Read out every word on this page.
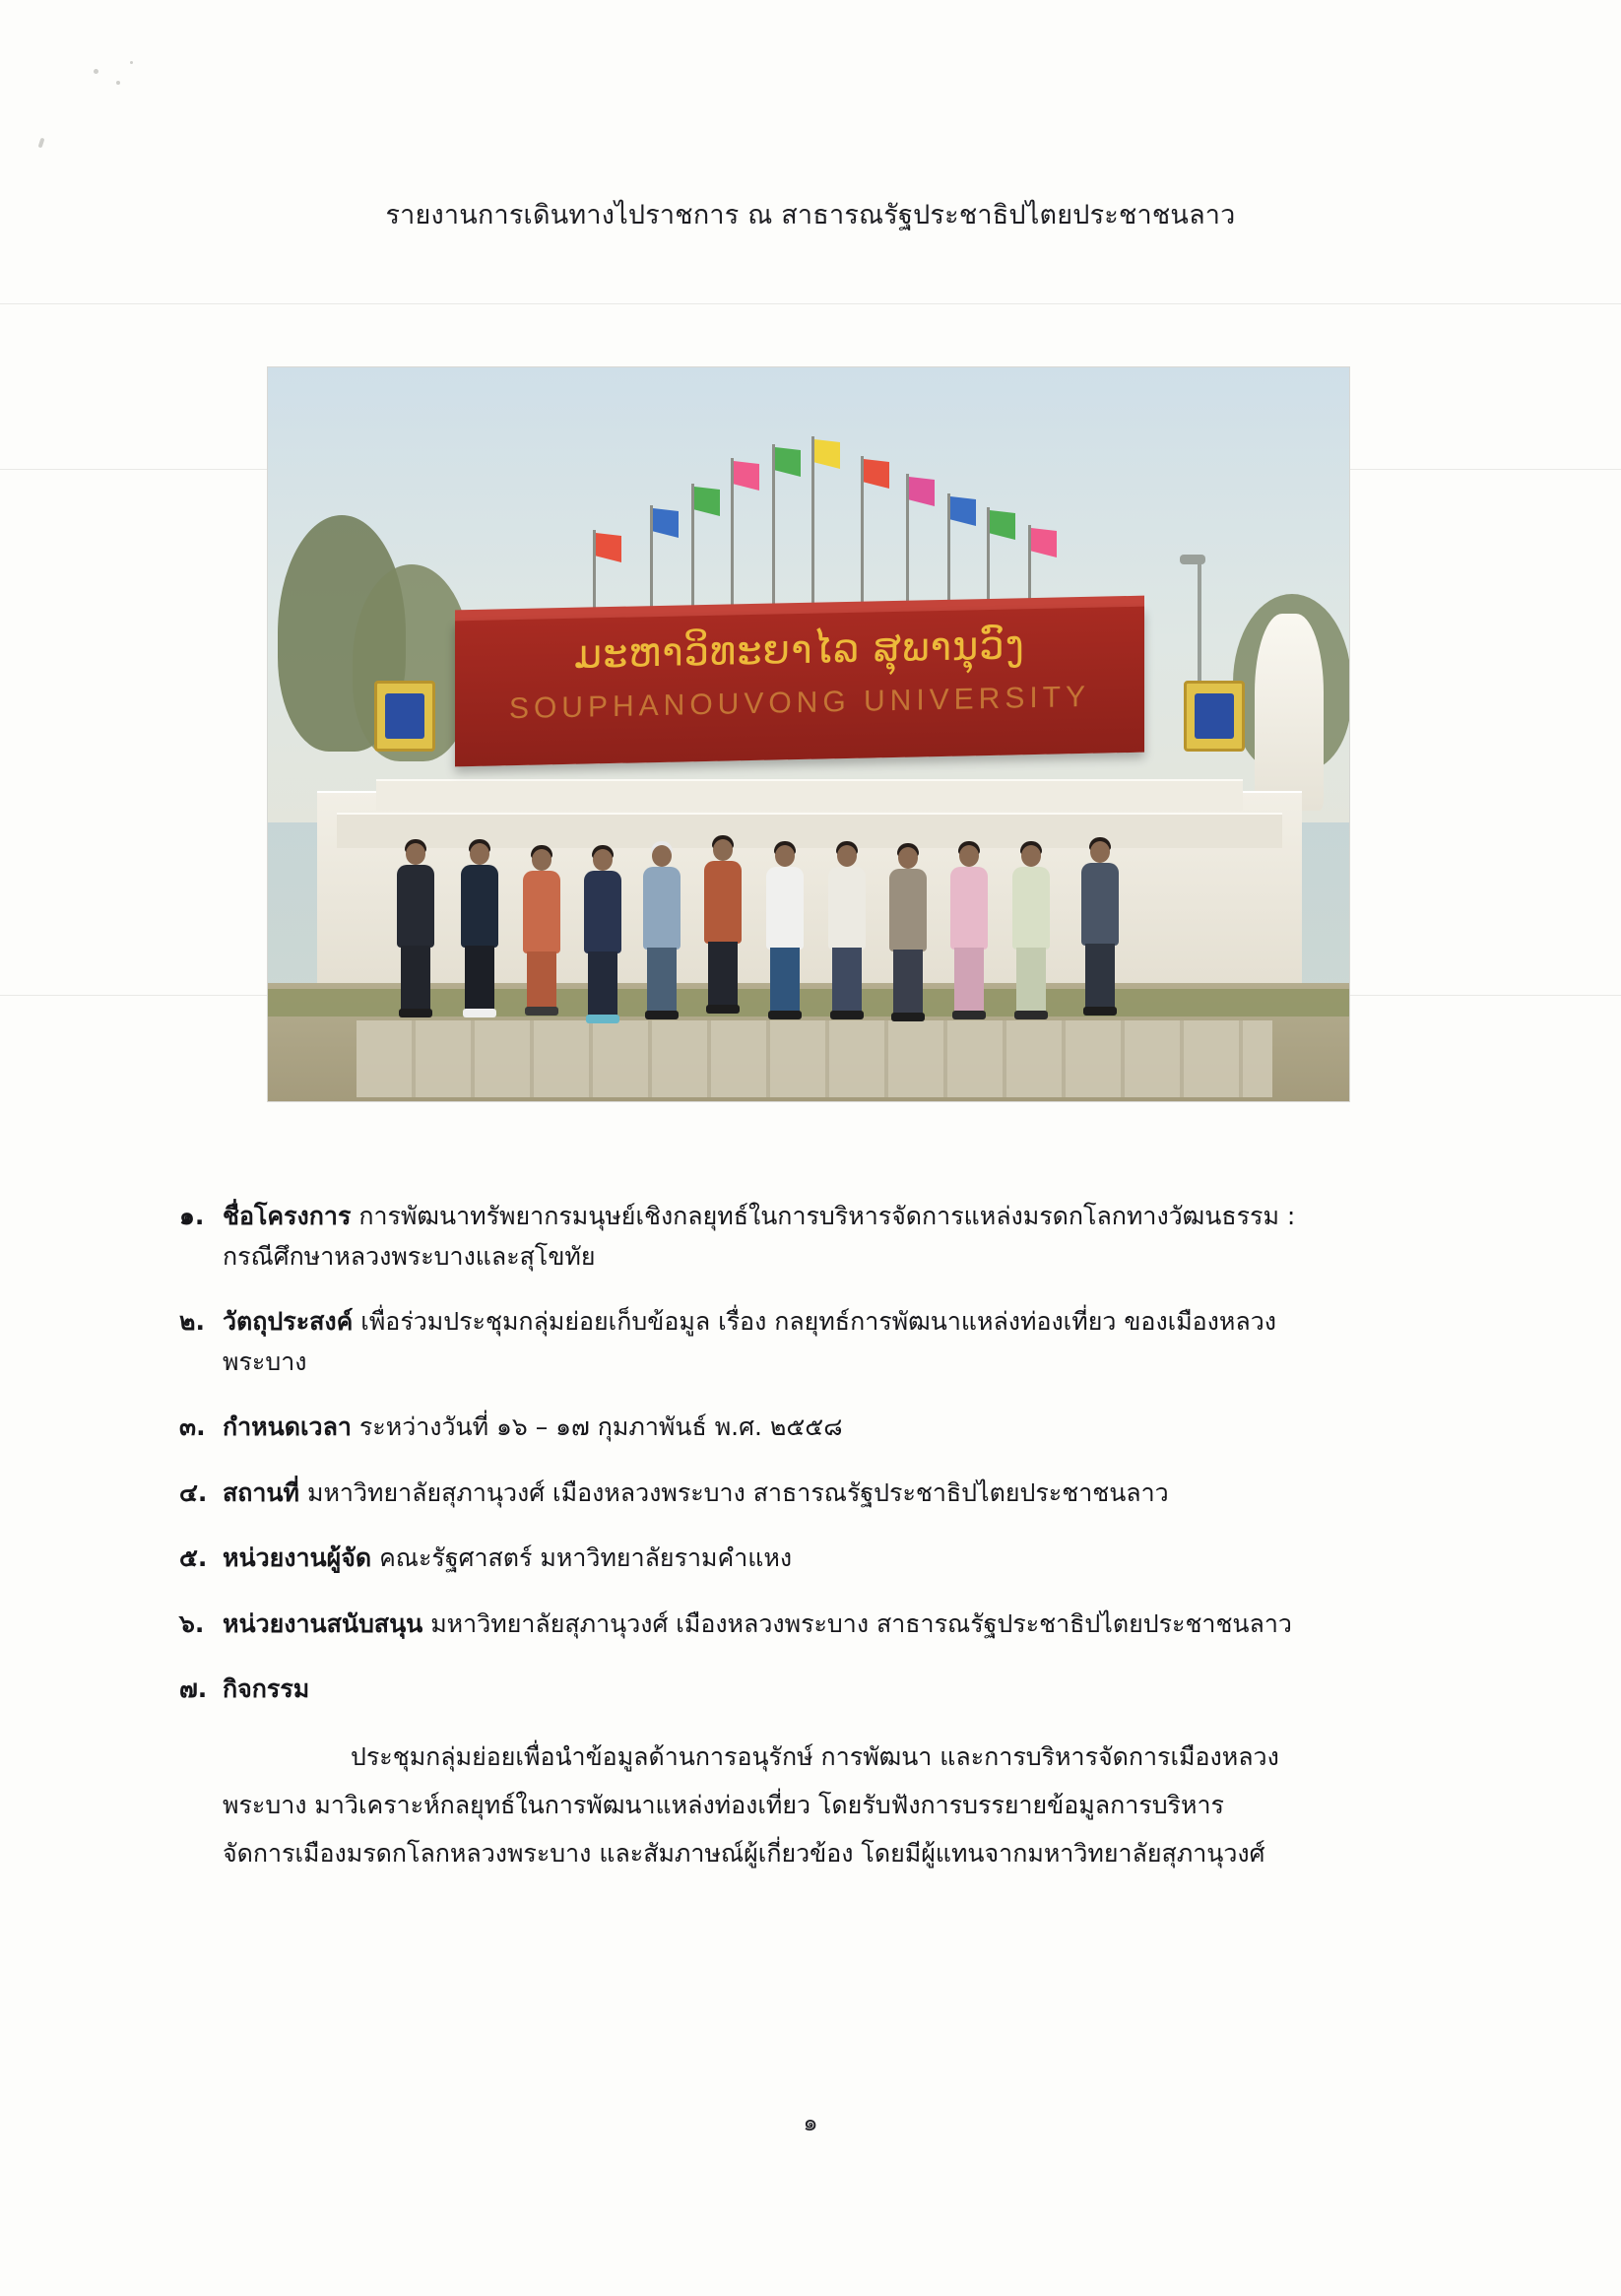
รายงานการเดินทางไปราชการ ณ สาธารณรัฐประชาธิปไตยประชาชนลาว
ມະຫາວິທະຍາໄລ ສຸພານຸວົງ
SOUPHANOUVONG UNIVERSITY
๑. ชื่อโครงการ การพัฒนาทรัพยากรมนุษย์เชิงกลยุทธ์ในการบริหารจัดการแหล่งมรดกโลกทางวัฒนธรรม :
กรณีศึกษาหลวงพระบางและสุโขทัย
๒. วัตถุประสงค์ เพื่อร่วมประชุมกลุ่มย่อยเก็บข้อมูล เรื่อง กลยุทธ์การพัฒนาแหล่งท่องเที่ยว ของเมืองหลวง
พระบาง
๓. กำหนดเวลา ระหว่างวันที่ ๑๖ – ๑๗ กุมภาพันธ์ พ.ศ. ๒๕๕๘
๔. สถานที่ มหาวิทยาลัยสุภานุวงศ์ เมืองหลวงพระบาง สาธารณรัฐประชาธิปไตยประชาชนลาว
๕. หน่วยงานผู้จัด คณะรัฐศาสตร์ มหาวิทยาลัยรามคำแหง
๖. หน่วยงานสนับสนุน มหาวิทยาลัยสุภานุวงศ์ เมืองหลวงพระบาง สาธารณรัฐประชาธิปไตยประชาชนลาว
๗. กิจกรรม
ประชุมกลุ่มย่อยเพื่อนำข้อมูลด้านการอนุรักษ์ การพัฒนา และการบริหารจัดการเมืองหลวง
พระบาง มาวิเคราะห์กลยุทธ์ในการพัฒนาแหล่งท่องเที่ยว โดยรับฟังการบรรยายข้อมูลการบริหาร
จัดการเมืองมรดกโลกหลวงพระบาง และสัมภาษณ์ผู้เกี่ยวข้อง โดยมีผู้แทนจากมหาวิทยาลัยสุภานุวงศ์
๑
